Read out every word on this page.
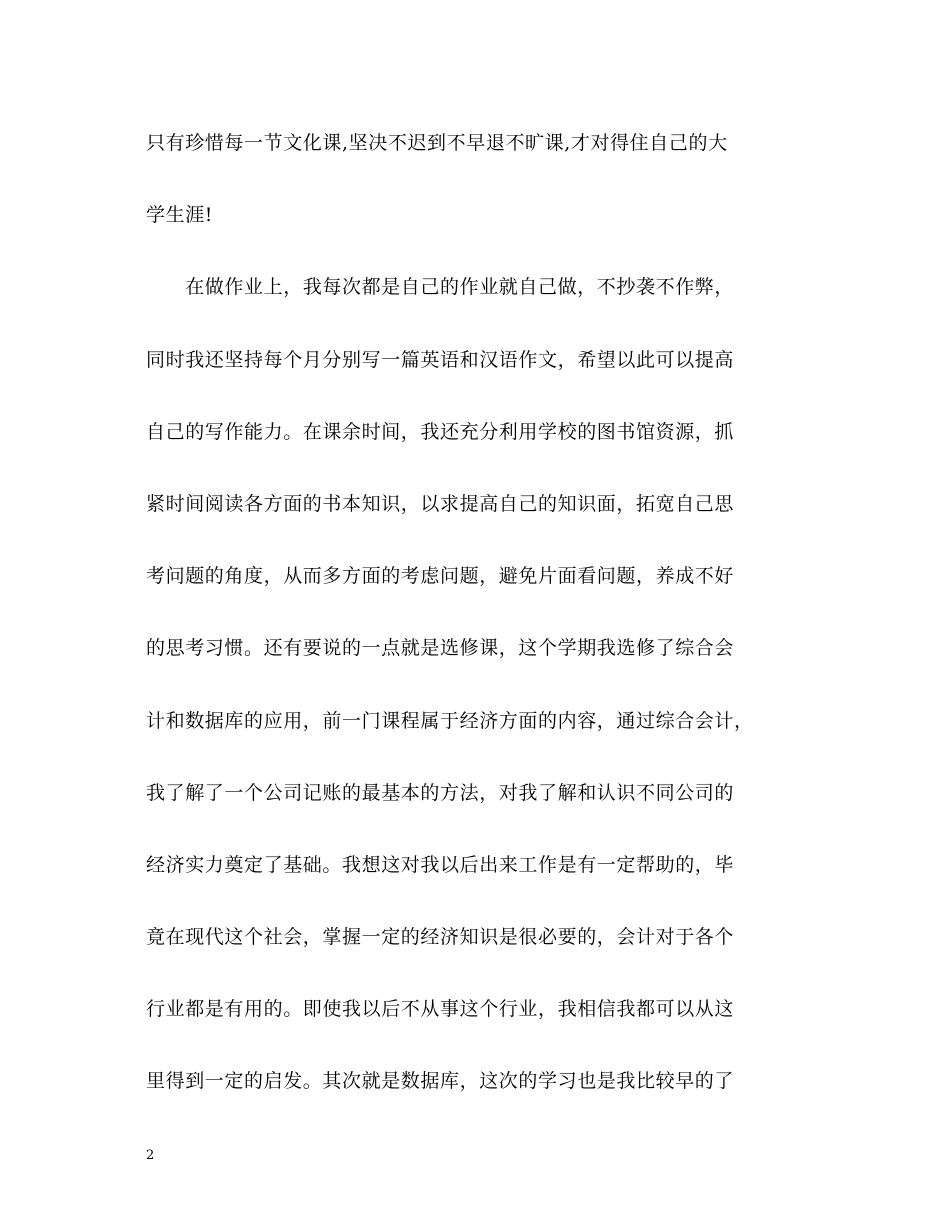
只有珍惜每一节文化课,坚决不迟到不早退不旷课,才对得住自己的大
学生涯!
　　在做作业上，我每次都是自己的作业就自己做，不抄袭不作弊，
同时我还坚持每个月分别写一篇英语和汉语作文，希望以此可以提高
自己的写作能力。在课余时间，我还充分利用学校的图书馆资源，抓
紧时间阅读各方面的书本知识，以求提高自己的知识面，拓宽自己思
考问题的角度，从而多方面的考虑问题，避免片面看问题，养成不好
的思考习惯。还有要说的一点就是选修课，这个学期我选修了综合会
计和数据库的应用，前一门课程属于经济方面的内容，通过综合会计，
我了解了一个公司记账的最基本的方法，对我了解和认识不同公司的
经济实力奠定了基础。我想这对我以后出来工作是有一定帮助的，毕
竟在现代这个社会，掌握一定的经济知识是很必要的，会计对于各个
行业都是有用的。即使我以后不从事这个行业，我相信我都可以从这
里得到一定的启发。其次就是数据库，这次的学习也是我比较早的了
2
